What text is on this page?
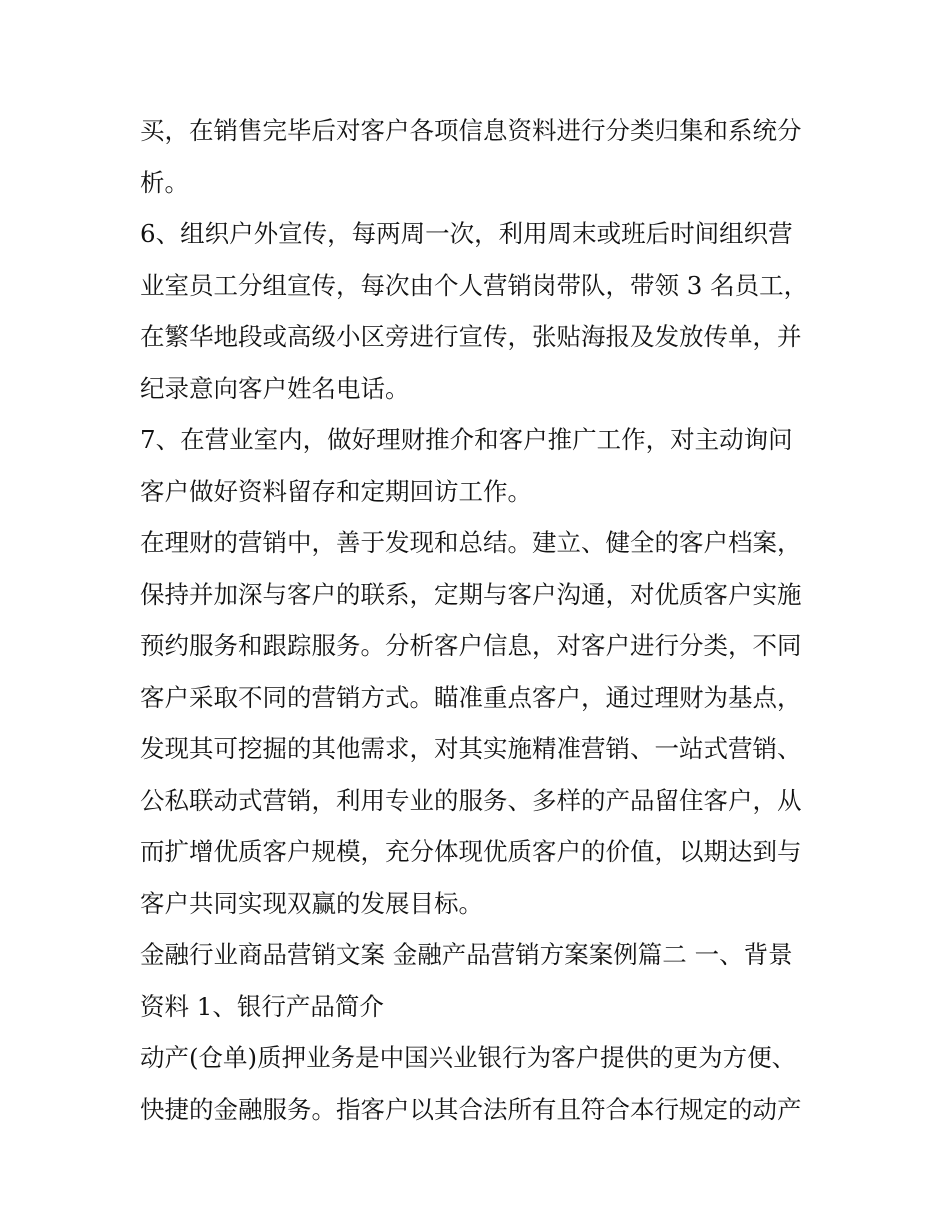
买，在销售完毕后对客户各项信息资料进行分类归集和系统分
析。
6、组织户外宣传，每两周一次，利用周末或班后时间组织营
业室员工分组宣传，每次由个人营销岗带队，带领 3 名员工，
在繁华地段或高级小区旁进行宣传，张贴海报及发放传单，并
纪录意向客户姓名电话。
7、在营业室内，做好理财推介和客户推广工作，对主动询问
客户做好资料留存和定期回访工作。
在理财的营销中，善于发现和总结。建立、健全的客户档案，
保持并加深与客户的联系，定期与客户沟通，对优质客户实施
预约服务和跟踪服务。分析客户信息，对客户进行分类，不同
客户采取不同的营销方式。瞄准重点客户，通过理财为基点，
发现其可挖掘的其他需求，对其实施精准营销、一站式营销、
公私联动式营销，利用专业的服务、多样的产品留住客户，从
而扩增优质客户规模，充分体现优质客户的价值，以期达到与
客户共同实现双赢的发展目标。
金融行业商品营销文案 金融产品营销方案案例篇二 一、背景
资料 1、银行产品简介
动产(仓单)质押业务是中国兴业银行为客户提供的更为方便、
快捷的金融服务。指客户以其合法所有且符合本行规定的动产
